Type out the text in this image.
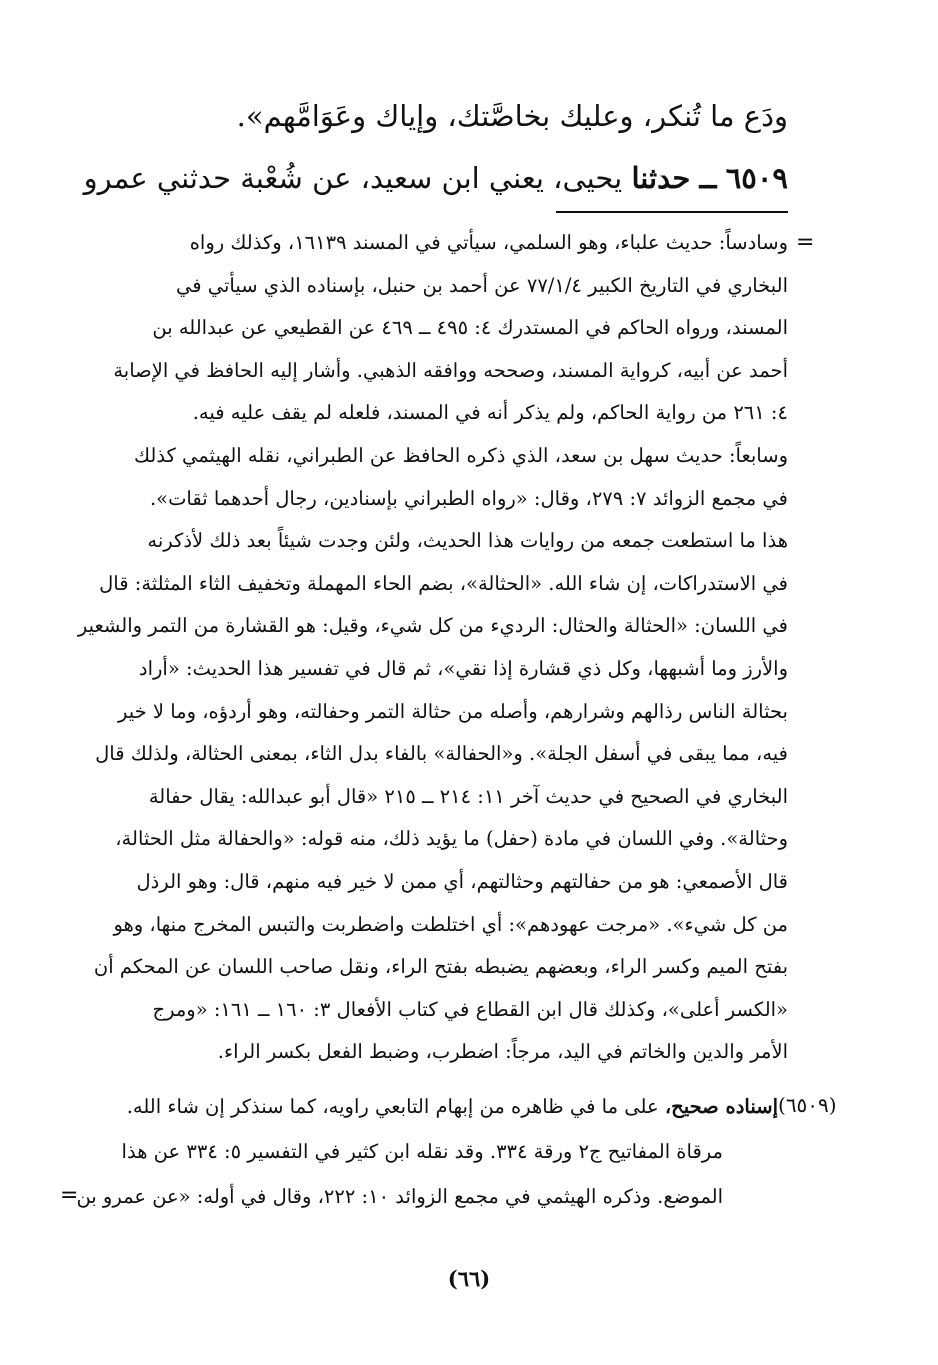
ودَع ما تُنكر، وعليك بخاصَّتك، وإياك وعَوَامَّهم».
٦٥٠٩ ــ حدثنا يحيى، يعني ابن سعيد، عن شُعْبة حدثني عمرو
=
وسادساً: حديث علباء، وهو السلمي، سيأتي في المسند ١٦١٣٩، وكذلك رواه
البخاري في التاريخ الكبير ٧٧/١/٤ عن أحمد بن حنبل، بإسناده الذي سيأتي في
المسند، ورواه الحاكم في المستدرك ٤: ٤٩٥ ــ ٤٦٩ عن القطيعي عن عبدالله بن
أحمد عن أبيه، كرواية المسند، وصححه ووافقه الذهبي. وأشار إليه الحافظ في الإصابة
٤: ٢٦١ من رواية الحاكم، ولم يذكر أنه في المسند، فلعله لم يقف عليه فيه.
وسابعاً: حديث سهل بن سعد، الذي ذكره الحافظ عن الطبراني، نقله الهيثمي كذلك
في مجمع الزوائد ٧: ٢٧٩، وقال: «رواه الطبراني بإسنادين، رجال أحدهما ثقات».
هذا ما استطعت جمعه من روايات هذا الحديث، ولئن وجدت شيئاً بعد ذلك لأذكرنه
في الاستدراكات، إن شاء الله. «الحثالة»، بضم الحاء المهملة وتخفيف الثاء المثلثة: قال
في اللسان: «الحثالة والحثال: الرديء من كل شيء، وقيل: هو القشارة من التمر والشعير
والأرز وما أشبهها، وكل ذي قشارة إذا نقي»، ثم قال في تفسير هذا الحديث: «أراد
بحثالة الناس رذالهم وشرارهم، وأصله من حثالة التمر وحفالته، وهو أردؤه، وما لا خير
فيه، مما يبقى في أسفل الجلة». و«الحفالة» بالفاء بدل الثاء، بمعنى الحثالة، ولذلك قال
البخاري في الصحيح في حديث آخر ١١: ٢١٤ ــ ٢١٥ «قال أبو عبدالله: يقال حفالة
وحثالة». وفي اللسان في مادة (حفل) ما يؤيد ذلك، منه قوله: «والحفالة مثل الحثالة،
قال الأصمعي: هو من حفالتهم وحثالتهم، أي ممن لا خير فيه منهم، قال: وهو الرذل
من كل شيء». «مرجت عهودهم»: أي اختلطت واضطربت والتبس المخرج منها، وهو
بفتح الميم وكسر الراء، وبعضهم يضبطه بفتح الراء، ونقل صاحب اللسان عن المحكم أن
«الكسر أعلى»، وكذلك قال ابن القطاع في كتاب الأفعال ٣: ١٦٠ ــ ١٦١: «ومرج
الأمر والدين والخاتم في اليد، مرجاً: اضطرب، وضبط الفعل بكسر الراء.
(٦٥٠٩)
إسناده صحيح، على ما في ظاهره من إبهام التابعي راويه، كما سنذكر إن شاء الله.
مرقاة المفاتيح ج٢ ورقة ٣٣٤. وقد نقله ابن كثير في التفسير ٥: ٣٣٤ عن هذا
الموضع. وذكره الهيثمي في مجمع الزوائد ١٠: ٢٢٢، وقال في أوله: «عن عمرو بن
=
(٦٦)
